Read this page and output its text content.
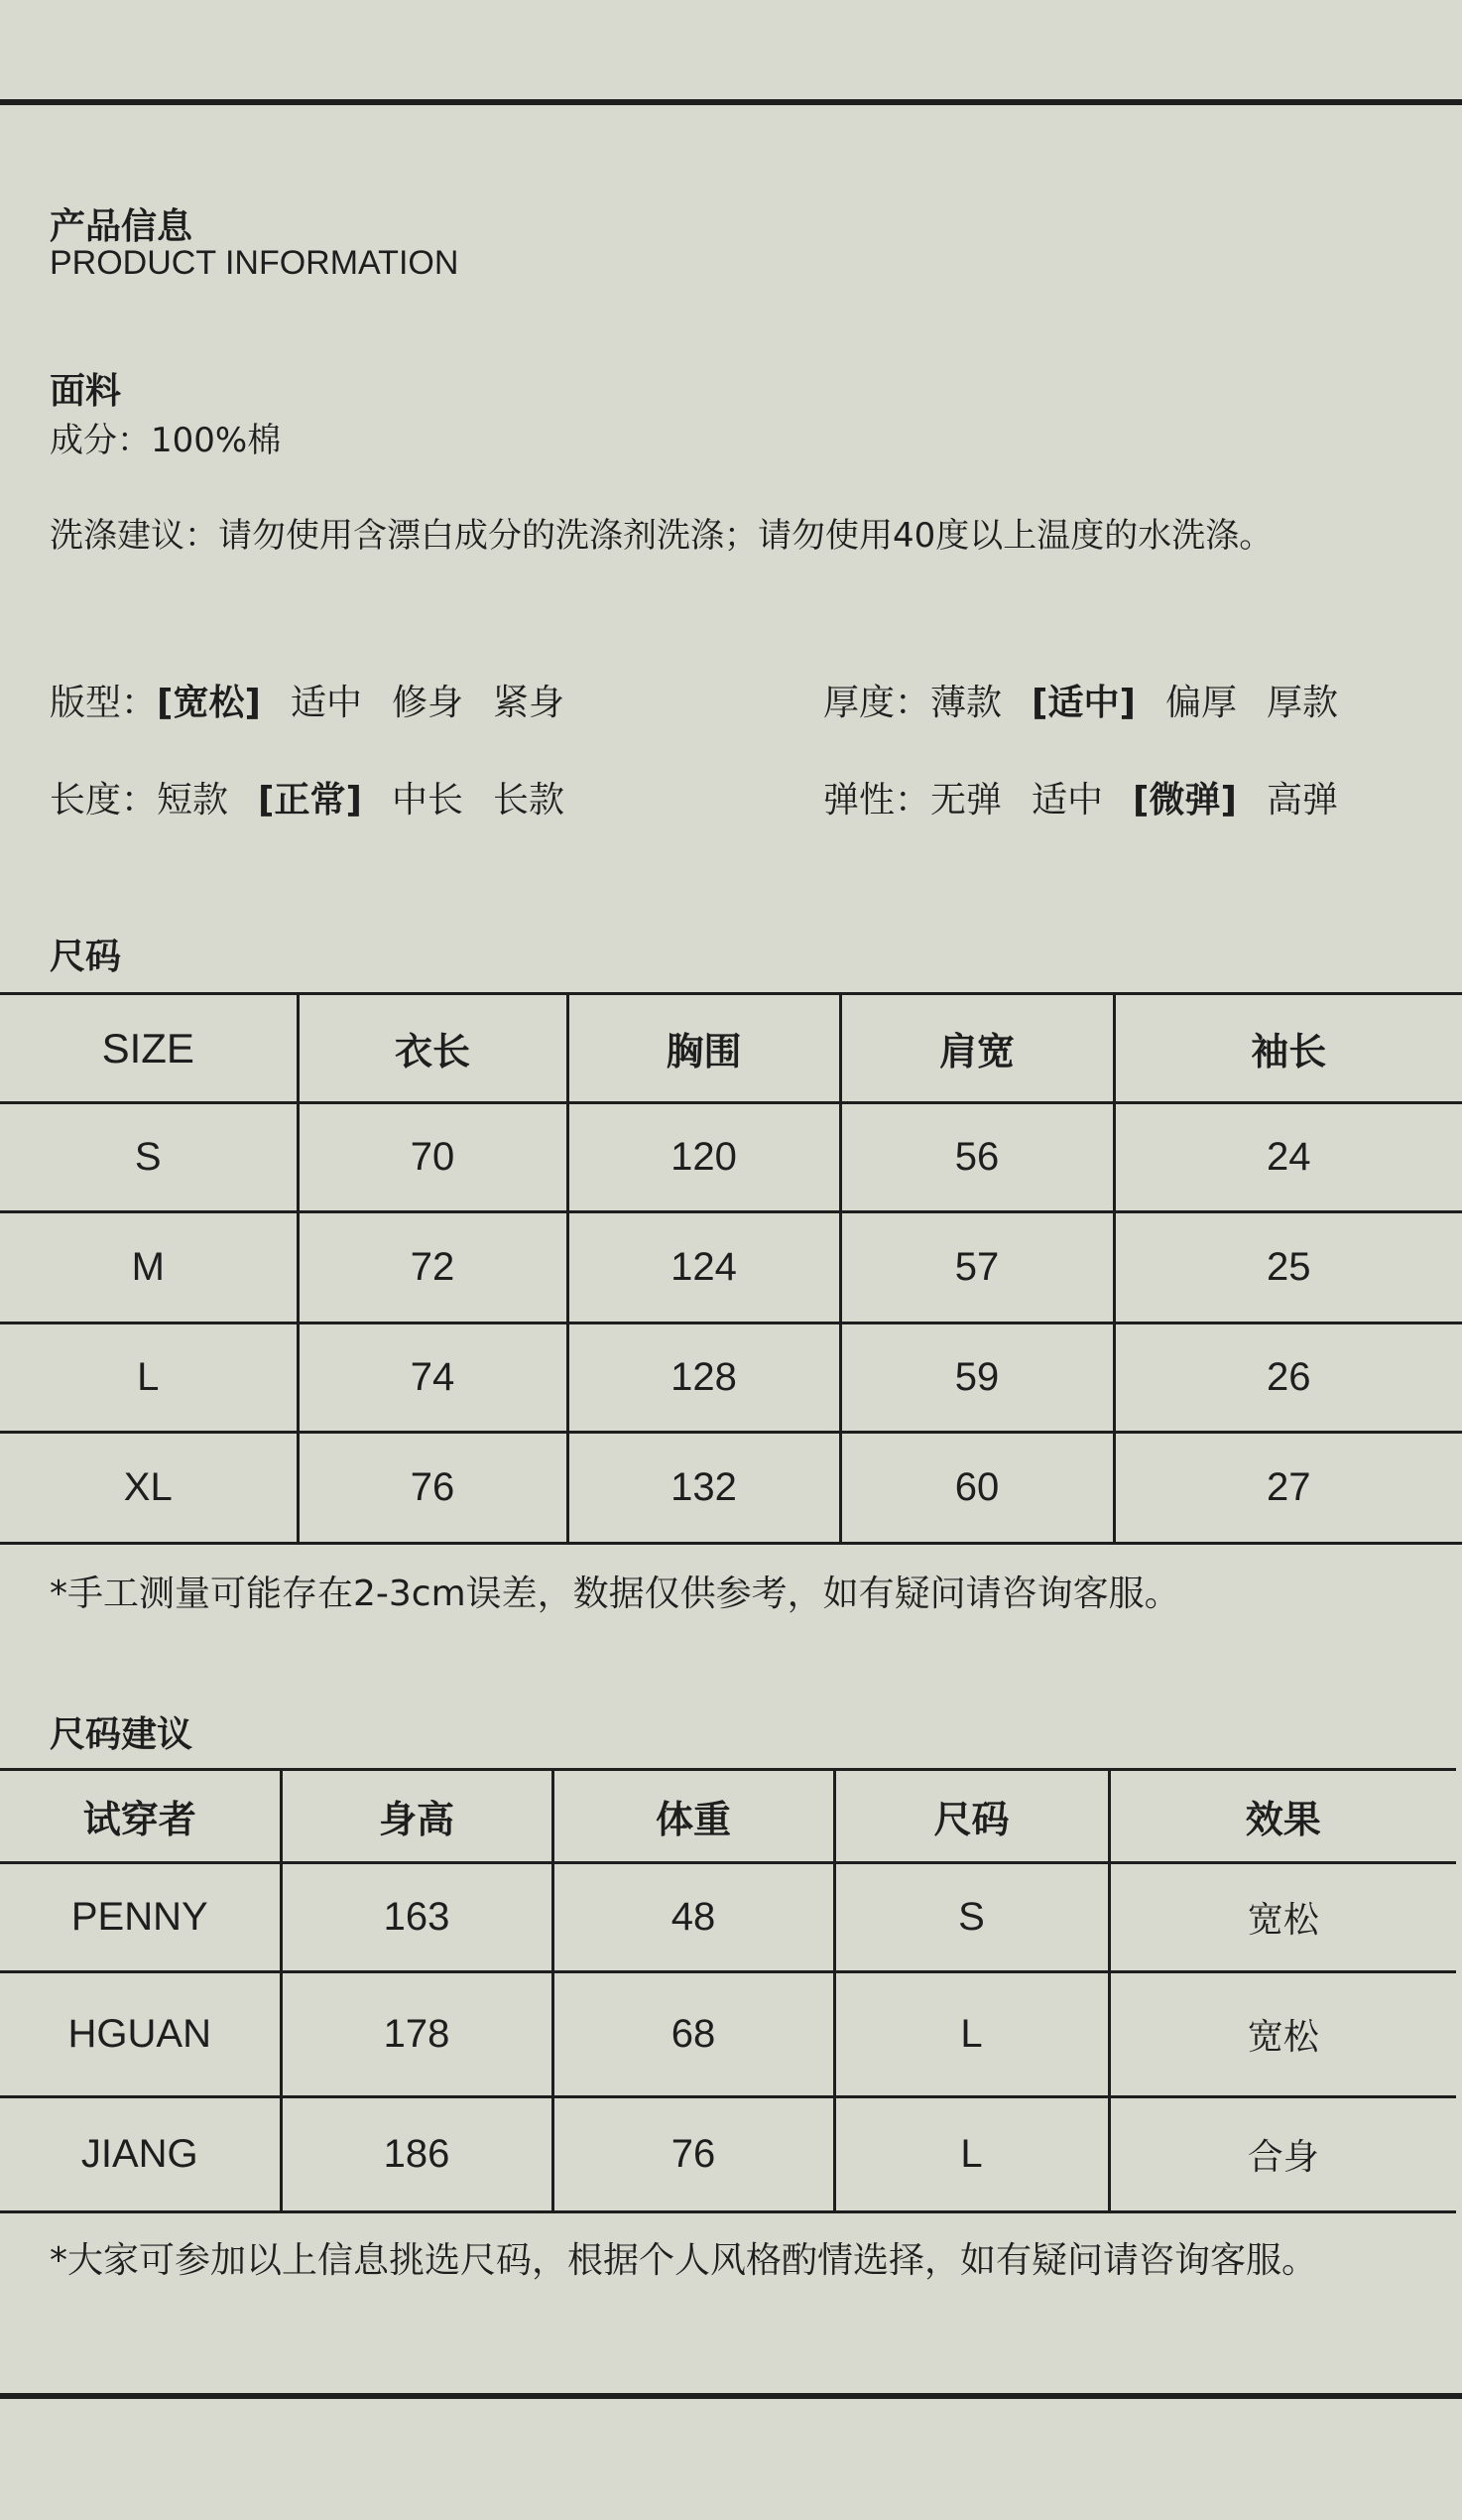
产品信息
PRODUCT INFORMATION
面料
成分：100%棉
洗涤建议：请勿使用含漂白成分的洗涤剂洗涤；请勿使用40度以上温度的水洗涤。
版型：[宽松] 适中 修身 紧身	厚度：薄款 [适中] 偏厚 厚款
长度：短款 [正常] 中长 长款	弹性：无弹 适中 [微弹] 高弹
尺码
SIZE	衣长	胸围	肩宽	袖长
S	70	120	56	24
M	72	124	57	25
L	74	128	59	26
XL	76	132	60	27
*手工测量可能存在2-3cm误差，数据仅供参考，如有疑问请咨询客服。
尺码建议
试穿者	身高	体重	尺码	效果
PENNY	163	48	S	宽松
HGUAN	178	68	L	宽松
JIANG	186	76	L	合身
*大家可参加以上信息挑选尺码，根据个人风格酌情选择，如有疑问请咨询客服。
